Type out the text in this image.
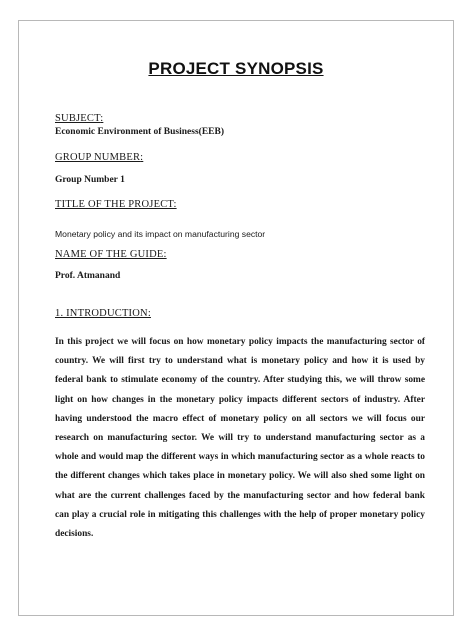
PROJECT SYNOPSIS
SUBJECT:
Economic Environment of Business(EEB)
GROUP NUMBER:
Group Number 1
TITLE OF THE PROJECT:
Monetary policy and its impact on manufacturing sector
NAME OF THE GUIDE:
Prof. Atmanand
1. INTRODUCTION:
In this project we will focus on how monetary policy impacts the manufacturing sector of country. We will first try to understand what is monetary policy and how it is used by federal bank to stimulate economy of the country. After studying this, we will throw some light on how changes in the monetary policy impacts different sectors of industry. After having understood the macro effect of monetary policy on all sectors we will focus our research on manufacturing sector. We will try to understand manufacturing sector as a whole and would map the different ways in which manufacturing sector as a whole reacts to the different changes which takes place in monetary policy. We will also shed some light on what are the current challenges faced by the manufacturing sector and how federal bank can play a crucial role in mitigating this challenges with the help of proper monetary policy decisions.
